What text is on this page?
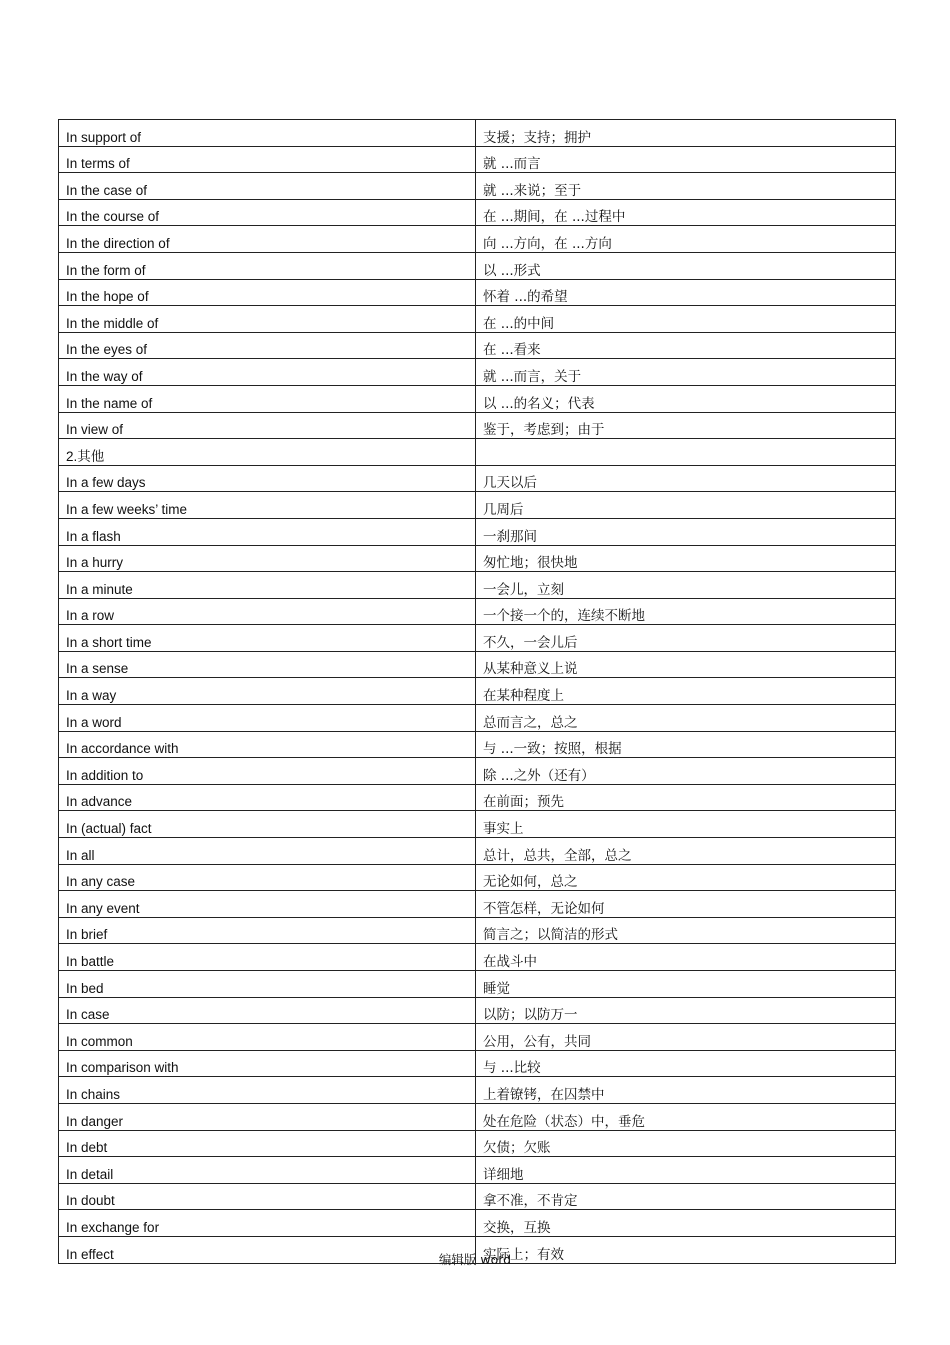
In support of	支援；支持；拥护
In terms of	就 ...而言
In the case of	就 ...来说；至于
In the course of	在 ...期间，在 ...过程中
In the direction of	向 ...方向，在 ...方向
In the form of	以 ...形式
In the hope of	怀着 ...的希望
In the middle of	在 ...的中间
In the eyes of	在 ...看来
In the way of	就 ...而言，关于
In the name of	以 ...的名义；代表
In view of	鉴于，考虑到；由于
2.其他	
In a few days	几天以后
In a few weeks’ time	几周后
In a flash	一刹那间
In a hurry	匆忙地；很快地
In a minute	一会儿，立刻
In a row	一个接一个的，连续不断地
In a short time	不久，一会儿后
In a sense	从某种意义上说
In a way	在某种程度上
In a word	总而言之，总之
In accordance with	与 ...一致；按照，根据
In addition to	除 ...之外（还有）
In advance	在前面；预先
In (actual) fact	事实上
In all	总计，总共，全部，总之
In any case	无论如何，总之
In any event	不管怎样，无论如何
In brief	简言之；以简洁的形式
In battle	在战斗中
In bed	睡觉
In case	以防；以防万一
In common	公用，公有，共同
In comparison with	与 ...比较
In chains	上着镣铐，在囚禁中
In danger	处在危险（状态）中，垂危
In debt	欠债；欠账
In detail	详细地
In doubt	拿不准，不肯定
In exchange for	交换，互换
In effect	实际上；有效
编辑版 word
